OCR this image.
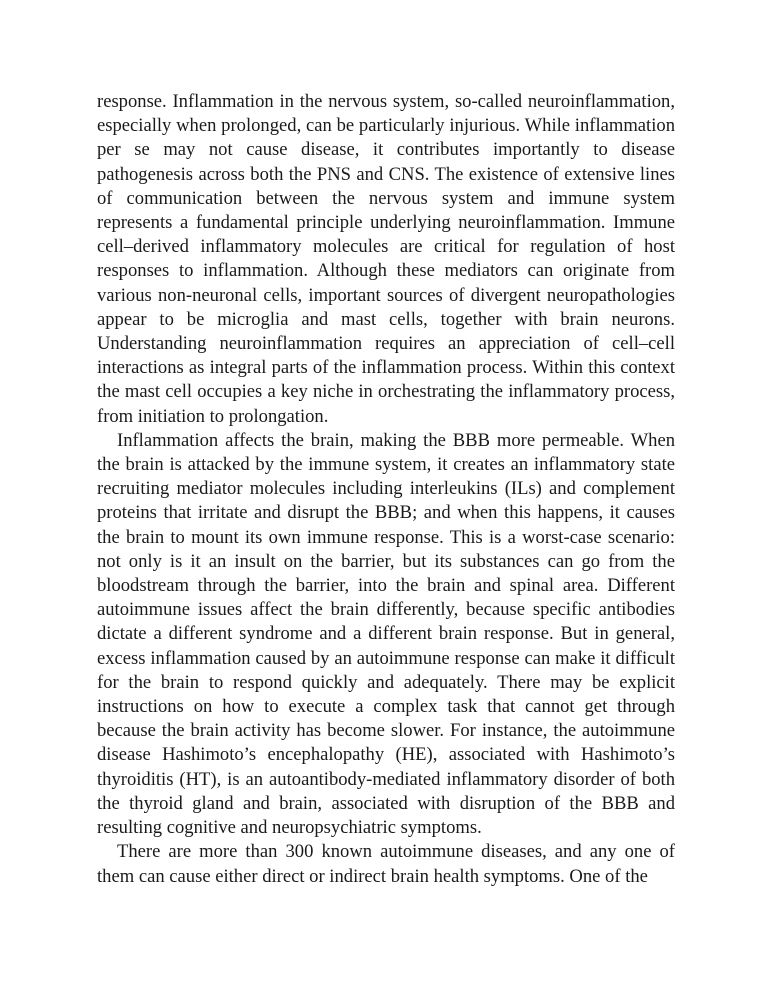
response. Inflammation in the nervous system, so-called neuroinflammation, especially when prolonged, can be particularly injurious. While inflammation per se may not cause disease, it contributes importantly to disease pathogenesis across both the PNS and CNS. The existence of extensive lines of communication between the nervous system and immune system represents a fundamental principle underlying neuroinflammation. Immune cell–derived inflammatory molecules are critical for regulation of host responses to inflammation. Although these mediators can originate from various non-neuronal cells, important sources of divergent neuropathologies appear to be microglia and mast cells, together with brain neurons. Understanding neuroinflammation requires an appreciation of cell–cell interactions as integral parts of the inflammation process. Within this context the mast cell occupies a key niche in orchestrating the inflammatory process, from initiation to prolongation.

Inflammation affects the brain, making the BBB more permeable. When the brain is attacked by the immune system, it creates an inflammatory state recruiting mediator molecules including interleukins (ILs) and complement proteins that irritate and disrupt the BBB; and when this happens, it causes the brain to mount its own immune response. This is a worst-case scenario: not only is it an insult on the barrier, but its substances can go from the bloodstream through the barrier, into the brain and spinal area. Different autoimmune issues affect the brain differently, because specific antibodies dictate a different syndrome and a different brain response. But in general, excess inflammation caused by an autoimmune response can make it difficult for the brain to respond quickly and adequately. There may be explicit instructions on how to execute a complex task that cannot get through because the brain activity has become slower. For instance, the autoimmune disease Hashimoto’s encephalopathy (HE), associated with Hashimoto’s thyroiditis (HT), is an autoantibody-mediated inflammatory disorder of both the thyroid gland and brain, associated with disruption of the BBB and resulting cognitive and neuropsychiatric symptoms.

There are more than 300 known autoimmune diseases, and any one of them can cause either direct or indirect brain health symptoms. One of the
